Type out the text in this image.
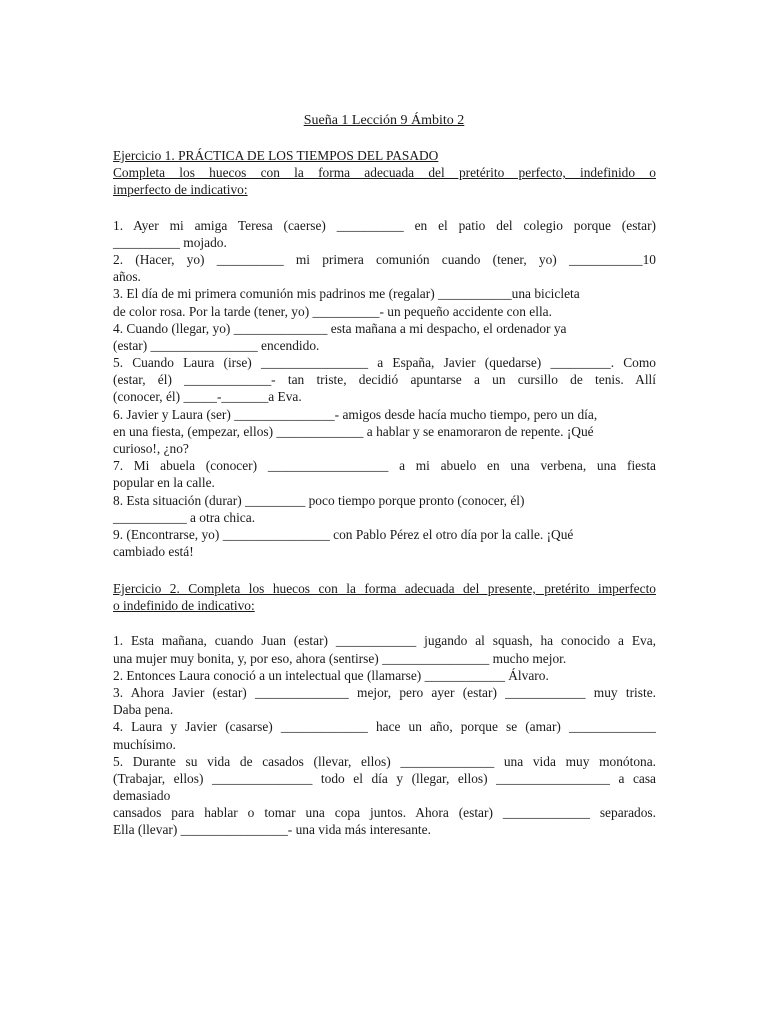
Sueña 1 Lección 9 Ámbito 2

Ejercicio 1. PRÁCTICA DE LOS TIEMPOS DEL PASADO

Completa los huecos con la forma adecuada del pretérito perfecto, indefinido o

imperfecto de indicativo:

1. Ayer mi amiga Teresa (caerse) __________ en el patio del colegio porque (estar)

__________ mojado.

2. (Hacer, yo) __________ mi primera comunión cuando (tener, yo) ___________10

años.

3. El día de mi primera comunión mis padrinos me (regalar) ___________una bicicleta

de color rosa. Por la tarde (tener, yo) __________- un pequeño accidente con ella.

4. Cuando (llegar, yo) ______________ esta mañana a mi despacho, el ordenador ya

(estar) ________________ encendido.

5. Cuando Laura (irse) ________________ a España, Javier (quedarse) _________. Como

(estar, él) _____________- tan triste, decidió apuntarse a un cursillo de tenis. Allí

(conocer, él) _____-_______a Eva.

6. Javier y Laura (ser) _______________- amigos desde hacía mucho tiempo, pero un día,

en una fiesta, (empezar, ellos) _____________ a hablar y se enamoraron de repente. ¡Qué

curioso!, ¿no?

7. Mi abuela (conocer) __________________ a mi abuelo en una verbena, una fiesta

popular en la calle.

8. Esta situación (durar) _________ poco tiempo porque pronto (conocer, él)

___________ a otra chica.

9. (Encontrarse, yo) ________________ con Pablo Pérez el otro día por la calle. ¡Qué

cambiado está!

Ejercicio 2. Completa los huecos con la forma adecuada del presente, pretérito imperfecto

o indefinido de indicativo:

1. Esta mañana, cuando Juan (estar) ____________ jugando al squash, ha conocido a Eva,

una mujer muy bonita, y, por eso, ahora (sentirse) ________________ mucho mejor.

2. Entonces Laura conoció a un intelectual que (llamarse) ____________ Álvaro.

3. Ahora Javier (estar) ______________ mejor, pero ayer (estar) ____________ muy triste.

Daba pena.

4. Laura y Javier (casarse) _____________ hace un año, porque se (amar) _____________

muchísimo.

5. Durante su vida de casados (llevar, ellos) ______________ una vida muy monótona.

(Trabajar, ellos) _______________ todo el día y (llegar, ellos) _________________ a casa

demasiado

cansados para hablar o tomar una copa juntos. Ahora (estar) _____________ separados.

Ella (llevar) ________________- una vida más interesante.
